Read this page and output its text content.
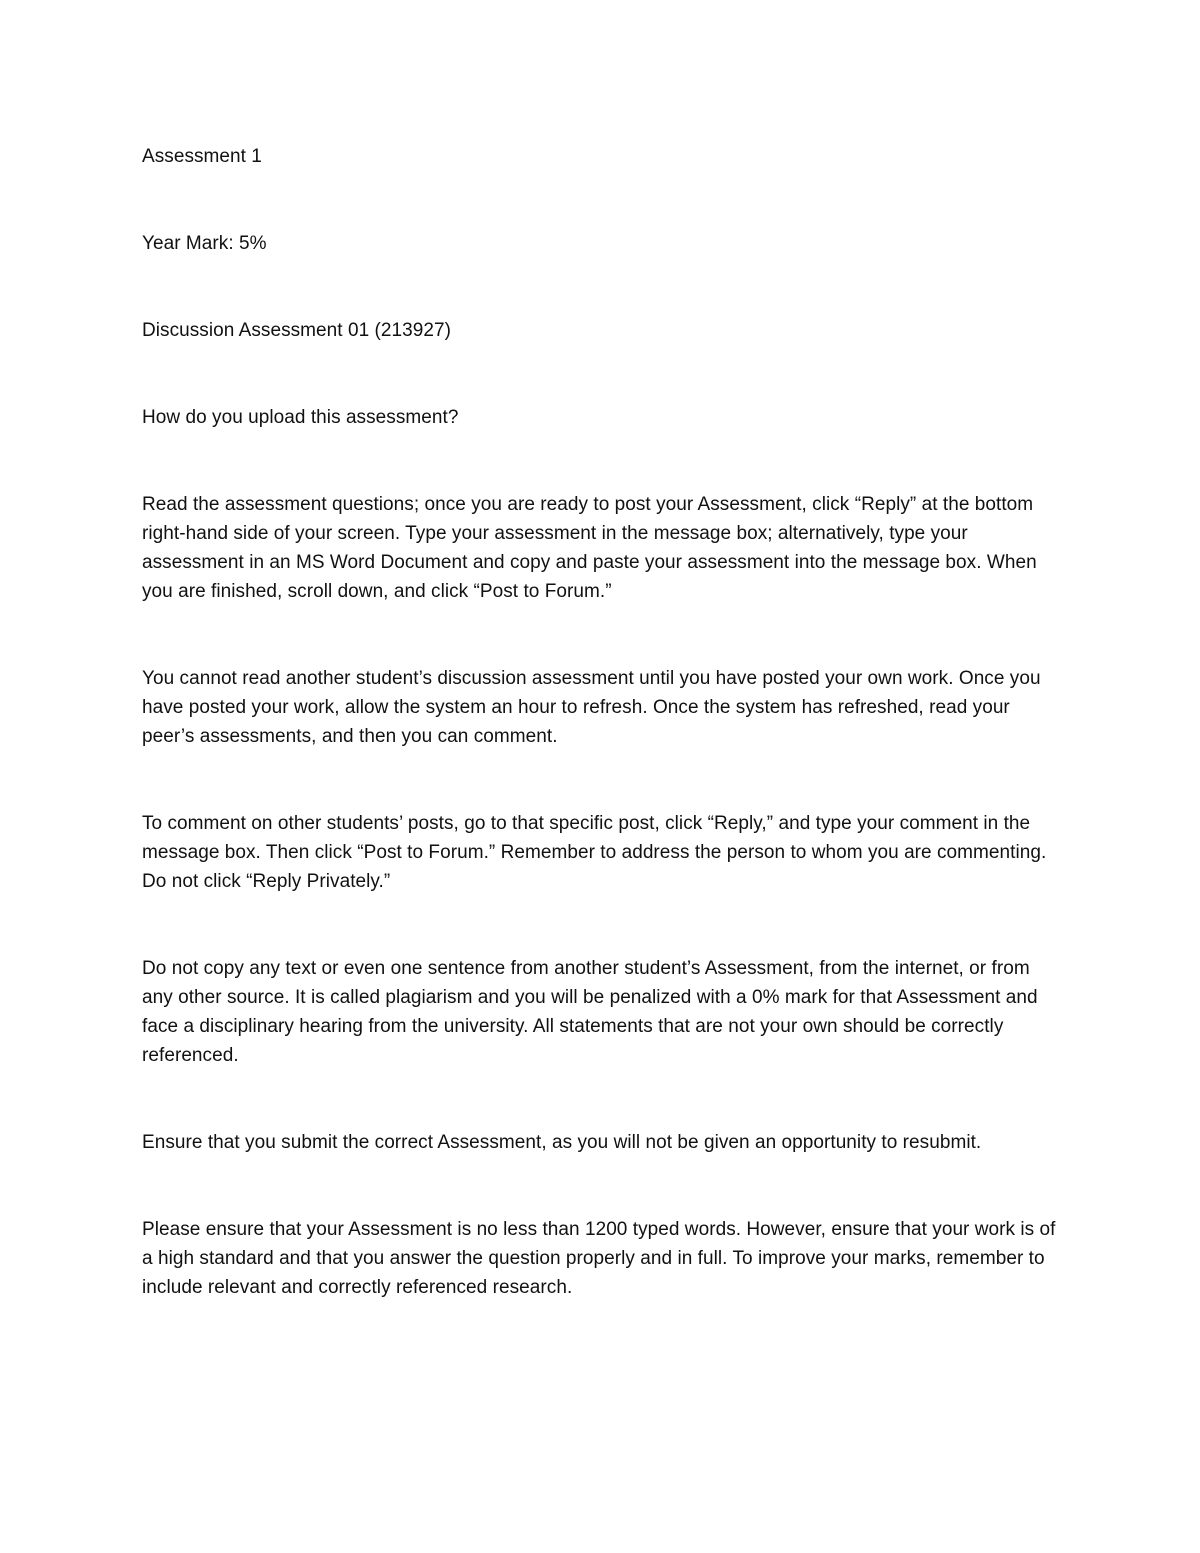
Assessment 1

Year Mark: 5%

Discussion Assessment 01 (213927)

How do you upload this assessment?

Read the assessment questions; once you are ready to post your Assessment, click “Reply” at the bottom right-hand side of your screen. Type your assessment in the message box; alternatively, type your assessment in an MS Word Document and copy and paste your assessment into the message box. When you are finished, scroll down, and click “Post to Forum.”

You cannot read another student’s discussion assessment until you have posted your own work. Once you have posted your work, allow the system an hour to refresh. Once the system has refreshed, read your peer’s assessments, and then you can comment.

To comment on other students’ posts, go to that specific post, click “Reply,” and type your comment in the message box. Then click “Post to Forum.” Remember to address the person to whom you are commenting. Do not click “Reply Privately.”

Do not copy any text or even one sentence from another student’s Assessment, from the internet, or from any other source. It is called plagiarism and you will be penalized with a 0% mark for that Assessment and face a disciplinary hearing from the university. All statements that are not your own should be correctly referenced.

Ensure that you submit the correct Assessment, as you will not be given an opportunity to resubmit.

Please ensure that your Assessment is no less than 1200 typed words. However, ensure that your work is of a high standard and that you answer the question properly and in full. To improve your marks, remember to include relevant and correctly referenced research.
